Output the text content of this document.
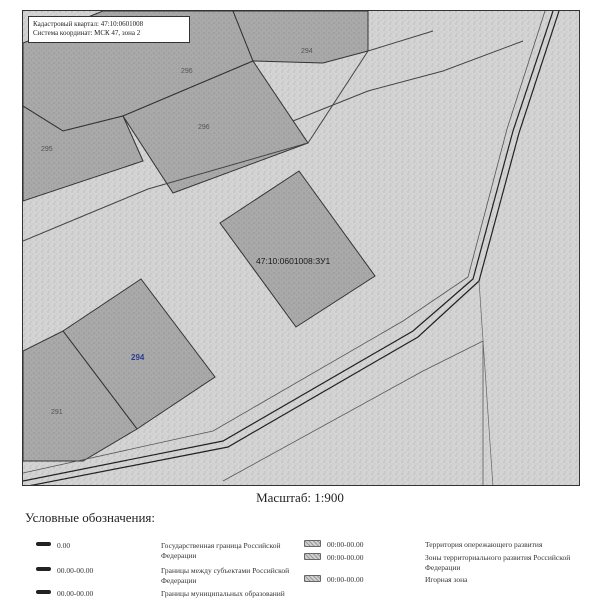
296
294
295
296
47:10:0601008:ЗУ1
294
291
Кадастровый квартал: 47:10:0601008
Система координат: МСК 47, зона 2
Масштаб: 1:900
Условные обозначения:
0.00	Государственная граница Российской Федерации
00.00-00.00	Границы между субъектами Российской Федерации
00.00-00.00	Границы муниципальных образований
00:00-00.00	Территория опережающего развития
00:00-00.00	Зоны территориального развития Российской Федерации
00:00-00.00	Игорная зона
